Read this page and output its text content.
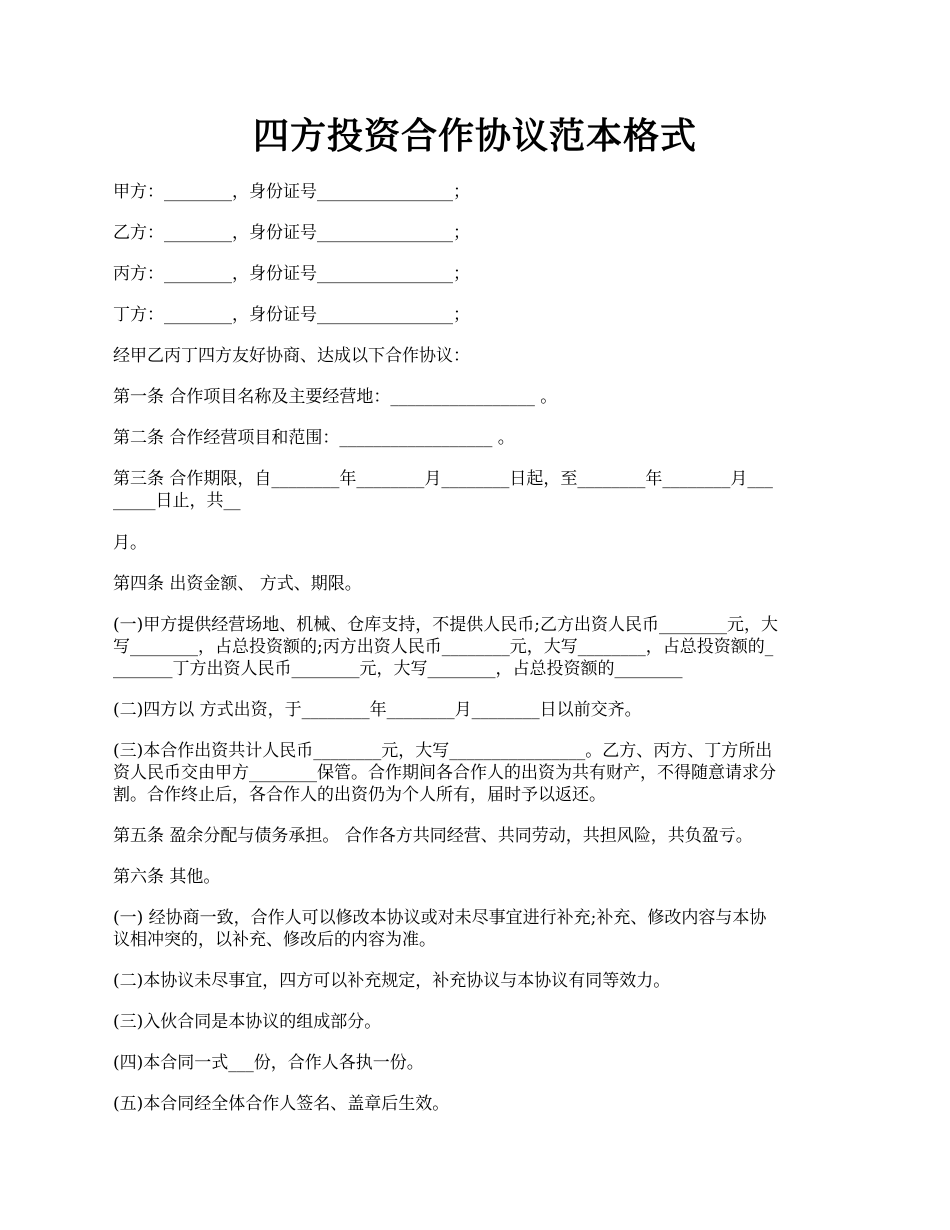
四方投资合作协议范本格式
甲方：________，身份证号________________；
乙方：________，身份证号________________；
丙方：________，身份证号________________；
丁方：________，身份证号________________；
经甲乙丙丁四方友好协商、达成以下合作协议：
第一条 合作项目名称及主要经营地：_________________ 。
第二条 合作经营项目和范围：__________________ 。
第三条 合作期限，自________年________月________日起，至________年________月___
_____日止，共__
月。
第四条 出资金额、 方式、期限。
(一)甲方提供经营场地、机械、仓库支持，不提供人民币;乙方出资人民币________元，大
写________，占总投资额的;丙方出资人民币________元，大写________，占总投资额的_
_______丁方出资人民币________元，大写________，占总投资额的________
(二)四方以 方式出资，于________年________月________日以前交齐。
(三)本合作出资共计人民币________元，大写________________。乙方、丙方、丁方所出
资人民币交由甲方________保管。合作期间各合作人的出资为共有财产，不得随意请求分
割。合作终止后，各合作人的出资仍为个人所有，届时予以返还。
第五条 盈余分配与债务承担。 合作各方共同经营、共同劳动，共担风险，共负盈亏。
第六条 其他。
(一) 经协商一致，合作人可以修改本协议或对未尽事宜进行补充;补充、修改内容与本协
议相冲突的，以补充、修改后的内容为准。
(二)本协议未尽事宜，四方可以补充规定，补充协议与本协议有同等效力。
(三)入伙合同是本协议的组成部分。
(四)本合同一式___份，合作人各执一份。
(五)本合同经全体合作人签名、盖章后生效。
